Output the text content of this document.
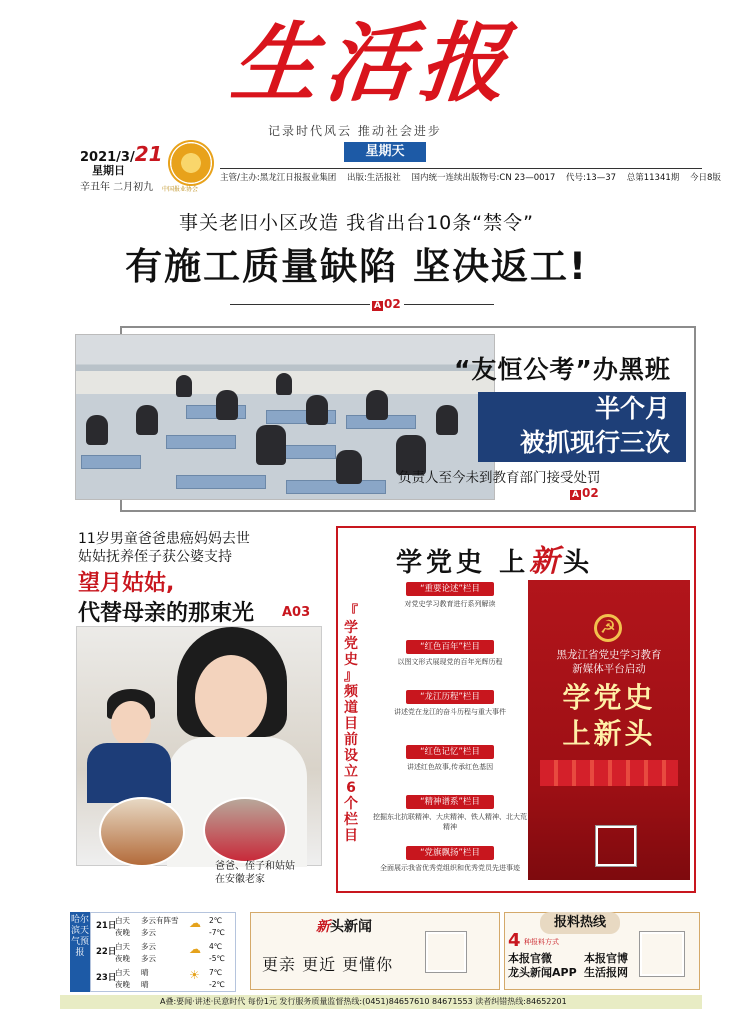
生活报
记录时代风云 推动社会进步
2021/3/21
星期日
辛丑年 二月初九 中国报业协会
星期天
主管/主办:黑龙江日报报业集团 出版:生活报社 国内统一连续出版物号:CN 23—0017 代号:13—37 总第11341期 今日8版
事关老旧小区改造 我省出台10条“禁令”
有施工质量缺陷 坚决返工!
A 02
“友恒公考”办黑班
半个月
被抓现行三次
负责人至今未到教育部门接受处罚
A 02
11岁男童爸爸患癌妈妈去世
姑姑抚养侄子获公婆支持
望月姑姑,
代替母亲的那束光 A03
爸爸、侄子和姑姑
在安徽老家
学党史 上新头
『
学
党
史
』
频
道
目
前
设
立
6
个
栏
目
“重要论述”栏目
对党史学习教育进行系列解读
“红色百年”栏目
以图文形式展现党的百年光辉历程
“龙江历程”栏目
讲述党在龙江的奋斗历程与重大事件
“红色记忆”栏目
讲述红色故事,传承红色基因
“精神谱系”栏目
挖掘东北抗联精神、大庆精神、铁人精神、北大荒精神
“党旗飘扬”栏目
全面展示我省优秀党组织和优秀党员先进事迹
☭
黑龙江省党史学习教育
新媒体平台启动
学党史
上新头
哈尔滨天气预报
21日
白天
夜晚
多云有阵雪
多云
☁ 2℃
-7℃
22日
白天
夜晚
多云
多云
☁ 4℃
-5℃
23日
白天
夜晚
晴
晴
☀ 7℃
-2℃
新头新闻
更亲 更近 更懂你
报料热线
4 种报料方式
本报官微
龙头新闻APP
本报官博
生活报网
A叠:要闻·讲述·民意时代 每份1元 发行服务质量监督热线:(0451)84657610 84671553 读者纠错热线:84652201
